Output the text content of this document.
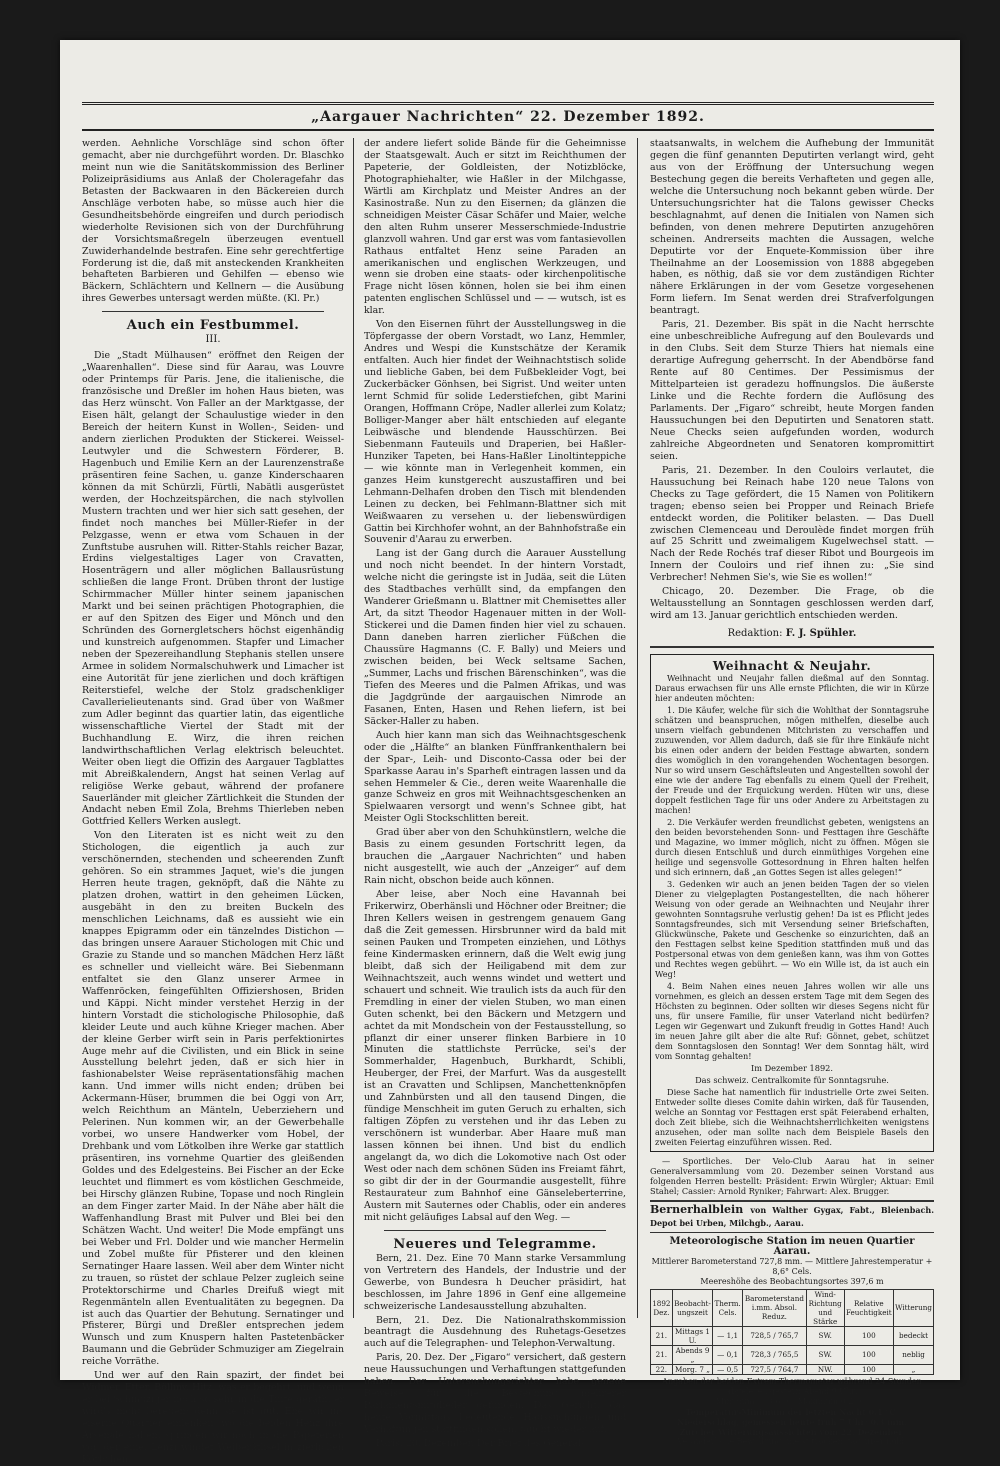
„Aargauer Nachrichten“ 22. Dezember 1892.

werden. Aehnliche Vorschläge sind schon öfter gemacht, aber nie durchgeführt worden. Dr. Blaschko meint nun wie die Sanitätskommission des Berliner Polizeipräsidiums aus Anlaß der Choleragefahr das Betasten der Backwaaren in den Bäckereien durch Anschläge verboten habe, so müsse auch hier die Gesundheitsbehörde eingreifen und durch periodisch wiederholte Revisionen sich von der Durchführung der Vorsichtsmaßregeln überzeugen eventuell Zuwiderhandelnde bestrafen. Eine sehr gerechtfertige Forderung ist die, daß mit ansteckenden Krankheiten behafteten Barbieren und Gehilfen — ebenso wie Bäckern, Schlächtern und Kellnern — die Ausübung ihres Gewerbes untersagt werden müßte. (Kl. Pr.)

Auch ein Festbummel.
III.

Die „Stadt Mülhausen“ eröffnet den Reigen der „Waarenhallen“. Diese sind für Aarau, was Louvre oder Printemps für Paris. Jene, die italienische, die französische und Dreßler im hohen Haus bieten, was das Herz wünscht. Von Faller an der Marktgasse, der Eisen hält, gelangt der Schaulustige wieder in den Bereich der heitern Kunst in Wollen-, Seiden- und andern zierlichen Produkten der Stickerei. Weissel-Leutwyler und die Schwestern Förderer, B. Hagenbuch und Emilie Kern an der Laurenzenstraße präsentiren feine Sachen, u. ganze Kinderschaaren können da mit Schürzli, Fürtli, Nabätli ausgerüstet werden, der Hochzeitspärchen, die nach stylvollen Mustern trachten und wer hier sich satt gesehen, der findet noch manches bei Müller-Riefer in der Pelzgasse, wenn er etwa vom Schauen in der Zunftstube ausruhen will. Ritter-Stahls reicher Bazar, Erdins vielgestaltiges Lager von Cravatten, Hosenträgern und aller möglichen Ballausrüstung schließen die lange Front. Drüben thront der lustige Schirmmacher Müller hinter seinem japanischen Markt und bei seinen prächtigen Photographien, die er auf den Spitzen des Eiger und Mönch und den Schründen des Gornergletschers höchst eigenhändig und kunstreich aufgenommen. Stapfer und Limacher neben der Spezereihandlung Stephanis stellen unsere Armee in solidem Normalschuhwerk und Limacher ist eine Autorität für jene zierlichen und doch kräftigen Reiterstiefel, welche der Stolz gradschenkliger Cavallerielieutenants sind. Grad über von Waßmer zum Adler beginnt das quartier latin, das eigentliche wissenschaftliche Viertel der Stadt mit der Buchhandlung E. Wirz, die ihren reichen landwirthschaftlichen Verlag elektrisch beleuchtet. Weiter oben liegt die Offizin des Aargauer Tagblattes mit Abreißkalendern, Angst hat seinen Verlag auf religiöse Werke gebaut, während der profanere Sauerländer mit gleicher Zärtlichkeit die Stunden der Andacht neben Emil Zola, Brehms Thierleben neben Gottfried Kellers Werken auslegt.

Von den Literaten ist es nicht weit zu den Stichologen, die eigentlich ja auch zur verschönernden, stechenden und scheerenden Zunft gehören. So ein strammes Jaquet, wie's die jungen Herren heute tragen, geknöpft, daß die Nähte zu platzen drohen, wattirt in den geheimen Lücken, ausgebäht in den zu breiten Buckeln des menschlichen Leichnams, daß es aussieht wie ein knappes Epigramm oder ein tänzelndes Distichon — das bringen unsere Aarauer Stichologen mit Chic und Grazie zu Stande und so manchen Mädchen Herz läßt es schneller und vielleicht wäre. Bei Siebenmann entfaltet sie den Glanz unserer Armee in Waffenröcken, feingefühlten Offiziershosen, Briden und Käppi. Nicht minder verstehet Herzig in der hintern Vorstadt die stichologische Philosophie, daß kleider Leute und auch kühne Krieger machen. Aber der kleine Gerber wirft sein in Paris perfektionirtes Auge mehr auf die Civilisten, und ein Blick in seine Ausstellung belehrt jeden, daß er sich hier in fashionabelster Weise repräsentationsfähig machen kann. Und immer wills nicht enden; drüben bei Ackermann-Hüser, brummen die bei Oggi von Arr, welch Reichthum an Mänteln, Ueberziehern und Pelerinen. Nun kommen wir, an der Gewerbehalle vorbei, wo unsere Handwerker vom Hobel, der Drehbank und vom Lötkolben ihre Werke gar stattlich präsentiren, ins vornehme Quartier des gleißenden Goldes und des Edelgesteins. Bei Fischer an der Ecke leuchtet und flimmert es vom köstlichen Geschmeide, bei Hirschy glänzen Rubine, Topase und noch Ringlein an dem Finger zarter Maid. In der Nähe aber hält die Waffenhandlung Brast mit Pulver und Blei bei den Schätzen Wacht. Und weiter! Die Mode empfängt uns bei Weber und Frl. Dolder und wie mancher Hermelin und Zobel mußte für Pfisterer und den kleinen Sernatinger Haare lassen. Weil aber dem Winter nicht zu trauen, so rüstet der schlaue Pelzer zugleich seine Protektorschirme und Charles Dreifuß wiegt mit Regenmänteln allen Eventualitäten zu begegnen. Da ist auch das Quartier der Behutung. Sernatinger und Pfisterer, Bürgi und Dreßler entsprechen jedem Wunsch und zum Knuspern halten Pastetenbäcker Baumann und die Gebrüder Schmuziger am Ziegelrain reiche Vorräthe.

Und wer auf den Rain spazirt, der findet bei Widmer, Etter, Böllmy, Hitz, was er begehrt, und wenn er bei Schmuziger noch so sehr in die Tinte geräth, er wird's nicht bereuen; denn sie ist gut. Ehe wir ins eiserne Quartier einlenken, wo die beiden Henz ihre Arsenale haben, springen wir noch in die Papeterien vor, der eine, Lenzi windet Weiberäthsel in zierlichen Körbchen,

der andere liefert solide Bände für die Geheimnisse der Staatsgewalt. Auch er sitzt im Reichthumen der Papeterie, der Goldleisten, der Notizblöcke, Photographiehalter, wie Haßler in der Milchgasse, Wärtli am Kirchplatz und Meister Andres an der Kasinostraße. Nun zu den Eisernen; da glänzen die schneidigen Meister Cäsar Schäfer und Maier, welche den alten Ruhm unserer Messerschmiede-Industrie glanzvoll wahren. Und gar erst was vom fantasievollen Rathaus entfaltet Henz seine Paraden an amerikanischen und englischen Werkzeugen, und wenn sie droben eine staats- oder kirchenpolitische Frage nicht lösen können, holen sie bei ihm einen patenten englischen Schlüssel und — — wutsch, ist es klar.

Von den Eisernen führt der Ausstellungsweg in die Töpfergasse der obern Vorstadt, wo Lanz, Hemmler, Andres und Wespi die Kunstschätze der Keramik entfalten. Auch hier findet der Weihnachtstisch solide und liebliche Gaben, bei dem Fußbekleider Vogt, bei Zuckerbäcker Gönhsen, bei Sigrist. Und weiter unten lernt Schmid für solide Lederstiefchen, gibt Marini Orangen, Hoffmann Cröpe, Nadler allerlei zum Kolatz; Bolliger-Manger aber hält entschieden auf elegante Leibwäsche und blendende Hausschürzen. Bei Siebenmann Fauteuils und Draperien, bei Haßler-Hunziker Tapeten, bei Hans-Haßler Linoltinteppiche — wie könnte man in Verlegenheit kommen, ein ganzes Heim kunstgerecht auszustaffiren und bei Lehmann-Delhafen droben den Tisch mit blendenden Leinen zu decken, bei Fehlmann-Blattner sich mit Weißwaaren zu versehen u. der liebenswürdigen Gattin bei Kirchhofer wohnt, an der Bahnhofstraße ein Souvenir d'Aarau zu erwerben.

Lang ist der Gang durch die Aarauer Ausstellung und noch nicht beendet. In der hintern Vorstadt, welche nicht die geringste ist in Judäa, seit die Lüten des Stadtbaches verhüllt sind, da empfangen den Wanderer Grießmann u. Blattner mit Chemisettes aller Art, da sitzt Theodor Hagenauer mitten in der Woll-Stickerei und die Damen finden hier viel zu schauen. Dann daneben harren zierlicher Füßchen die Chaussüre Hagmanns (C. F. Bally) und Meiers und zwischen beiden, bei Weck seltsame Sachen, „Summer, Lachs und frischen Bärenschinken“, was die Tiefen des Meeres und die Palmen Afrikas, und was die Jagdgründe der aargauischen Nimrode an Fasanen, Enten, Hasen und Rehen liefern, ist bei Säcker-Haller zu haben.

Auch hier kann man sich das Weihnachtsgeschenk oder die „Hälfte“ an blanken Fünffrankenthalern bei der Spar-, Leih- und Disconto-Cassa oder bei der Sparkasse Aarau in's Sparheft eintragen lassen und da sehen Hemmeler & Cie., deren weite Waarenhalle die ganze Schweiz en gros mit Weihnachtsgeschenken an Spielwaaren versorgt und wenn's Schnee gibt, hat Meister Ogli Stockschlitten bereit.

Grad über aber von den Schuhkünstlern, welche die Basis zu einem gesunden Fortschritt legen, da brauchen die „Aargauer Nachrichten“ und haben nicht ausgestellt, wie auch der „Anzeiger“ auf dem Rain nicht, obschon beide auch können.

Aber leise, aber Noch eine Havannah bei Frikerwirz, Oberhänsli und Höchner oder Breitner; die Ihren Kellers weisen in gestrengem genauem Gang daß die Zeit gemessen. Hirsbrunner wird da bald mit seinen Pauken und Trompeten einziehen, und Löthys feine Kindermasken erinnern, daß die Welt ewig jung bleibt, daß sich der Heiligabend mit dem zur Weihnachtszeit, auch wenns windet und wettert und schauert und schneit. Wie traulich ists da auch für den Fremdling in einer der vielen Stuben, wo man einen Guten schenkt, bei den Bäckern und Metzgern und achtet da mit Mondschein von der Festausstellung, so pflanzt dir einer unserer flinken Barbiere in 10 Minuten die stattlichste Perrücke, sei's der Sommerhalder, Hagenbuch, Burkhardt, Schibli, Heuberger, der Frei, der Marfurt. Was da ausgestellt ist an Cravatten und Schlipsen, Manchettenknöpfen und Zahnbürsten und all den tausend Dingen, die fündige Menschheit im guten Geruch zu erhalten, sich faltigen Zöpfen zu verstehen und ihr das Leben zu verschönern ist wunderbar. Aber Haare muß man lassen können bei ihnen. Und bist du endlich angelangt da, wo dich die Lokomotive nach Ost oder West oder nach dem schönen Süden ins Freiamt fährt, so gibt dir der in der Gourmandie ausgestellt, führe Restaurateur zum Bahnhof eine Gänseleberterrine, Austern mit Sauternes oder Chablis, oder ein anderes mit nicht geläufiges Labsal auf den Weg. —

Neueres und Telegramme.

Bern, 21. Dez. Eine 70 Mann starke Versammlung von Vertretern des Handels, der Industrie und der Gewerbe, von Bundesra h Deucher präsidirt, hat beschlossen, im Jahre 1896 in Genf eine allgemeine schweizerische Landesausstellung abzuhalten.

Bern, 21. Dez. Die Nationalrathskommission beantragt die Ausdehnung des Ruhetags-Gesetzes auch auf die Telegraphen- und Telephon-Verwaltung.

Paris, 20. Dez. Der „Figaro“ versichert, daß gestern neue Haussuchungen und Verhaftungen stattgefunden haben. Der Untersuchungsrichter habe genaue Beweise für die Bestechung mehrerer Parlamentsmitglieder gefunden. Das Gericht, das heute Vormittags bedeutende Haussuchungen und Verhaftungen stattfinden sollen, taucht wieder auf.

Paris, 20. Dezember. Der Brief des General-

staatsanwalts, in welchem die Aufhebung der Immunität gegen die fünf genannten Deputirten verlangt wird, geht aus von der Eröffnung der Untersuchung wegen Bestechung gegen die bereits Verhafteten und gegen alle, welche die Untersuchung noch bekannt geben würde. Der Untersuchungsrichter hat die Talons gewisser Checks beschlagnahmt, auf denen die Initialen von Namen sich befinden, von denen mehrere Deputirten anzugehören scheinen. Andrerseits machten die Aussagen, welche Deputirte vor der Enquete-Kommission über ihre Theilnahme an der Loosemission von 1888 abgegeben haben, es nöthig, daß sie vor dem zuständigen Richter nähere Erklärungen in der vom Gesetze vorgesehenen Form liefern. Im Senat werden drei Strafverfolgungen beantragt.

Paris, 21. Dezember. Bis spät in die Nacht herrschte eine unbeschreibliche Aufregung auf den Boulevards und in den Clubs. Seit dem Sturze Thiers hat niemals eine derartige Aufregung geherrscht. In der Abendbörse fand Rente auf 80 Centimes. Der Pessimismus der Mittelparteien ist geradezu hoffnungslos. Die äußerste Linke und die Rechte fordern die Auflösung des Parlaments. Der „Figaro“ schreibt, heute Morgen fanden Haussuchungen bei den Deputirten und Senatoren statt. Neue Checks seien aufgefunden worden, wodurch zahlreiche Abgeordneten und Senatoren kompromittirt seien.

Paris, 21. Dezember. In den Couloirs verlautet, die Haussuchung bei Reinach habe 120 neue Talons von Checks zu Tage gefördert, die 15 Namen von Politikern tragen; ebenso seien bei Propper und Reinach Briefe entdeckt worden, die Politiker belasten. — Das Duell zwischen Clemenceau und Deroulède findet morgen früh auf 25 Schritt und zweimaligem Kugelwechsel statt. — Nach der Rede Rochés traf dieser Ribot und Bourgeois im Innern der Couloirs und rief ihnen zu: „Sie sind Verbrecher! Nehmen Sie's, wie Sie es wollen!“

Chicago, 20. Dezember. Die Frage, ob die Weltausstellung an Sonntagen geschlossen werden darf, wird am 13. Januar gerichtlich entschieden werden.

Redaktion: F. J. Spühler.
Weihnacht & Neujahr.

Weihnacht und Neujahr fallen dießmal auf den Sonntag. Daraus erwachsen für uns Alle ernste Pflichten, die wir in Kürze hier andeuten möchten:

1. Die Käufer, welche für sich die Wohlthat der Sonntagsruhe schätzen und beanspruchen, mögen mithelfen, dieselbe auch unsern vielfach gebundenen Mitchristen zu verschaffen und zuzuwenden, vor Allem dadurch, daß sie für ihre Einkäufe nicht bis einen oder andern der beiden Festtage abwarten, sondern dies womöglich in den vorangehenden Wochentagen besorgen. Nur so wird unsern Geschäftsleuten und Angestellten sowohl der eine wie der andere Tag ebenfalls zu einem Quell der Freiheit, der Freude und der Erquickung werden. Hüten wir uns, diese doppelt festlichen Tage für uns oder Andere zu Arbeitstagen zu machen!

2. Die Verkäufer werden freundlichst gebeten, wenigstens an den beiden bevorstehenden Sonn- und Festtagen ihre Geschäfte und Magazine, wo immer möglich, nicht zu öffnen. Mögen sie durch diesen Entschluß und durch einmüthiges Vorgehen eine heilige und segensvolle Gottesordnung in Ehren halten helfen und sich erinnern, daß „an Gottes Segen ist alles gelegen!“

3. Gedenken wir auch an jenen beiden Tagen der so vielen Diener zu vielgeplagten Postangestellten, die nach höherer Weisung von oder gerade an Weihnachten und Neujahr ihrer gewohnten Sonntagsruhe verlustig gehen! Da ist es Pflicht jedes Sonntagsfreundes, sich mit Versendung seiner Briefschaften, Glückwünsche, Pakete und Geschenke so einzurichten, daß an den Festtagen selbst keine Spedition stattfinden muß und das Postpersonal etwas von dem genießen kann, was ihm von Gottes und Rechtes wegen gebührt. — Wo ein Wille ist, da ist auch ein Weg!

4. Beim Nahen eines neuen Jahres wollen wir alle uns vornehmen, es gleich an dessen erstem Tage mit dem Segen des Höchsten zu beginnen. Oder sollten wir dieses Segens nicht für uns, für unsere Familie, für unser Vaterland nicht bedürfen? Legen wir Gegenwart und Zukunft freudig in Gottes Hand! Auch im neuen Jahre gilt aber die alte Ruf: Gönnet, gebet, schützet dem Sonntagslosen den Sonntag! Wer dem Sonntag hält, wird vom Sonntag gehalten!

Im Dezember 1892.

Das schweiz. Centralkomite für Sonntagsruhe.

Diese Sache hat namentlich für industrielle Orte zwei Seiten. Entweder sollte dieses Comite dahin wirken, daß für Tausenden, welche an Sonntag vor Festtagen erst spät Feierabend erhalten, doch Zeit bliebe, sich die Weihnachtsherrlichkeiten wenigstens anzusehen, oder man sollte nach dem Beispiele Basels den zweiten Feiertag einzuführen wissen. Red.

— Sportliches. Der Velo-Club Aarau hat in seiner Generalversammlung vom 20. Dezember seinen Vorstand aus folgenden Herren bestellt: Präsident: Erwin Würgler; Aktuar: Emil Stahel; Cassier: Arnold Ryniker; Fahrwart: Alex. Brugger.

Bernerhalblein von Walther Gygax, Fabt., Bleienbach. Depot bei Urben, Milchgb., Aarau.
Meteorologische Station im neuen Quartier Aarau.
Mittlerer Barometerstand 727,8 mm. — Mittlere Jahrestemperatur + 8,6° Cels.
Meereshöhe des Beobachtungsortes 397,6 m
1892 Dez.	Beobacht-ungszeit	Therm. Cels.	Barometerstand i.mm. Absol. Reduz.	Wind-Richtung und Stärke	Relative Feuchtigkeit	Witterung
21.	Mittags 1 U.	— 1,1	728,5 / 765,7	SW.	100	bedeckt
21.	Abends 9 „	— 0,1	728,3 / 765,5	SW.	100	neblig
22.	Morg. 7 „	— 0,5	727,5 / 764,7	NW.	100	„
Angaben der beiden Extrem-Thermometer während 24 Stunden abgelesen gestern Abend 9 Uhr:
Minimum — 3,6 °C. Maximum 0,2 °C.
Temperatur-Minimum der letzten Nacht 0,1 °C.
Niederschlag, gemessen heute früh 7 Uhr: 0,3 mm.
Zürcher Witterungsaussichten vom 22. Dezember.
Veränderliche Bewölkung, meist trocken, tagsüber mild.
